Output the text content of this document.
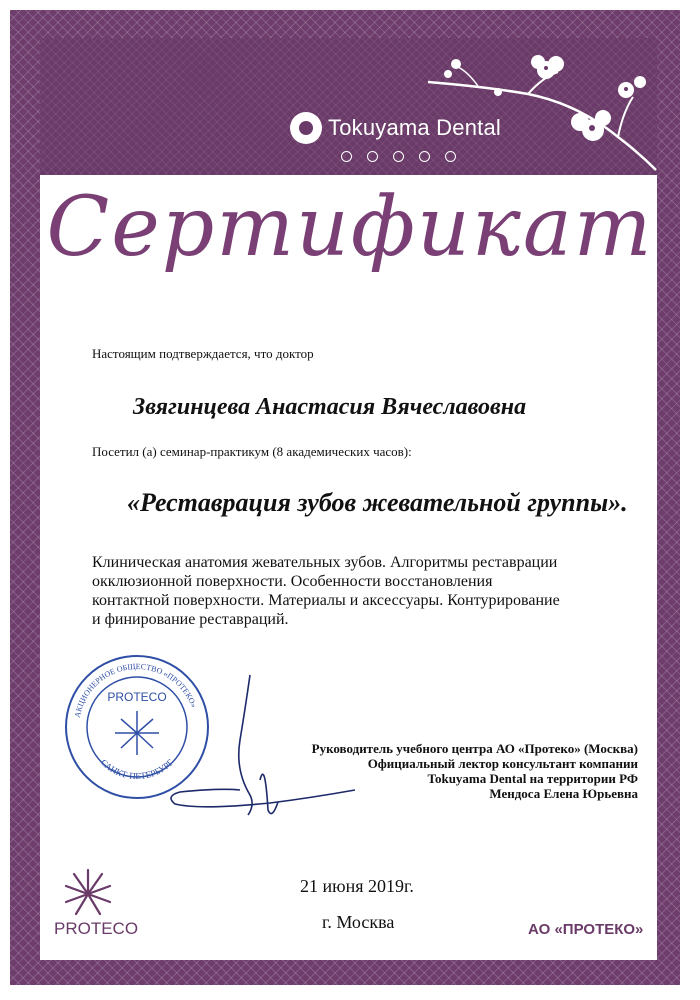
Tokuyama Dental
Сертификат
Настоящим подтверждается, что доктор
Звягинцева Анастасия Вячеславовна
Посетил (а) семинар-практикум (8 академических часов):
«Реставрация зубов жевательной группы».
Клиническая анатомия жевательных зубов. Алгоритмы реставрации окклюзионной поверхности. Особенности восстановления контактной поверхности. Материалы и аксессуары. Контурирование и финирование реставраций.
АКЦИОНЕРНОЕ ОБЩЕСТВО «ПРОТЕКО»
САНКТ-ПЕТЕРБУРГ
PROTECO
Руководитель учебного центра АО «Протеко» (Москва)
Официальный лектор консультант компании
Tokuyama Dental на территории РФ
Мендоса Елена Юрьевна
21 июня 2019г.
г. Москва
PROTECO	АО «ПРОТЕКО»
